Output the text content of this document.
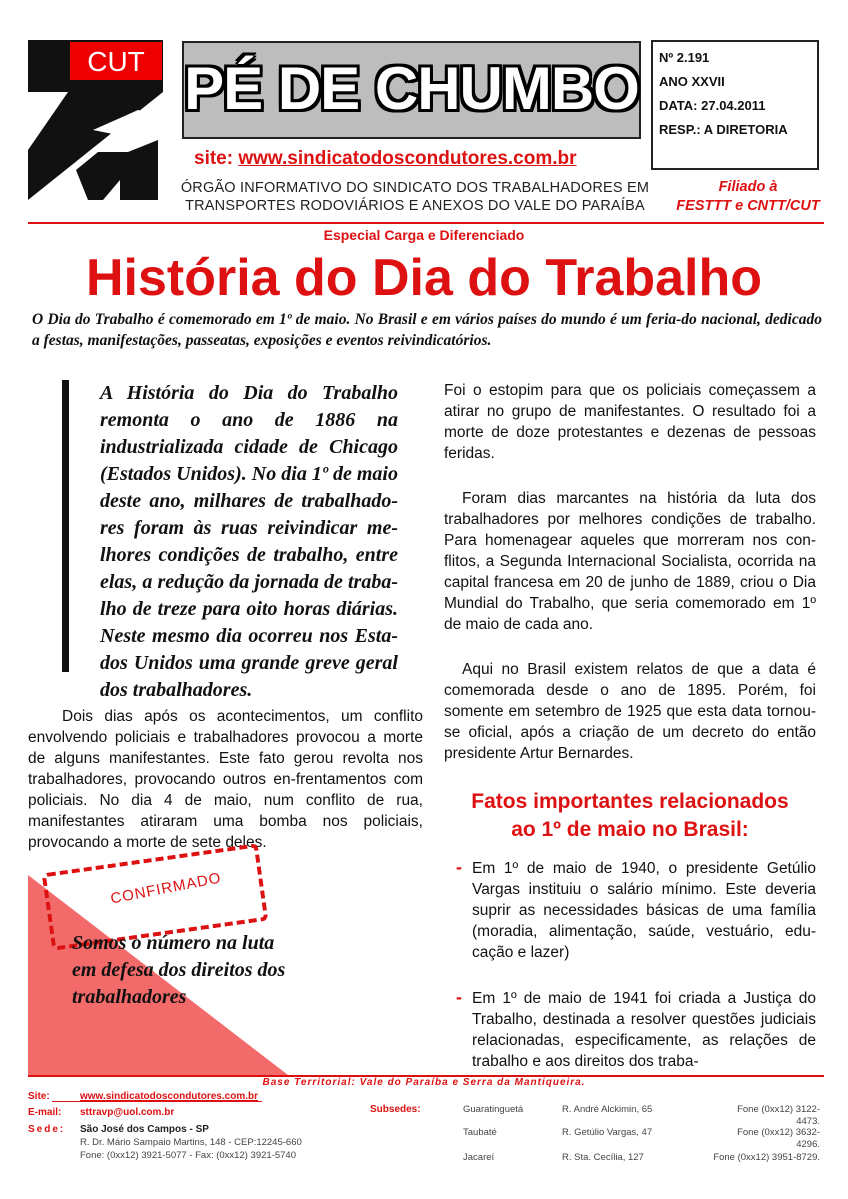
CUT PÉ DE CHUMBO
site: www.sindicatodoscondutores.com.br
Nº 2.191
ANO XXVII
DATA: 27.04.2011
RESP.: A DIRETORIA
ÓRGÃO INFORMATIVO DO SINDICATO DOS TRABALHADORES EM
TRANSPORTES RODOVIÁRIOS E ANEXOS DO VALE DO PARAÍBA
Filiado à
FESTTT e CNTT/CUT
Especial Carga e Diferenciado
História do Dia do Trabalho
O Dia do Trabalho é comemorado em 1º de maio. No Brasil e em vários países do mundo é um feria-do nacional, dedicado a festas, manifestações, passeatas, exposições e eventos reivindicatórios.
A História do Dia do Trabalho remonta o ano de 1886 na industrializada cidade de Chicago (Estados Unidos). No dia 1º de maio deste ano, milhares de trabalhado-res foram às ruas reivindicar me-lhores condições de trabalho, entre elas, a redução da jornada de traba-lho de treze para oito horas diárias. Neste mesmo dia ocorreu nos Esta-dos Unidos uma grande greve geral dos trabalhadores.
Dois dias após os acontecimentos, um conflito envolvendo policiais e trabalhadores provocou a morte de alguns manifestantes. Este fato gerou revolta nos trabalhadores, provocando outros en-frentamentos com policiais. No dia 4 de maio, num conflito de rua, manifestantes atiraram uma bomba nos policiais, provocando a morte de sete deles.
CONFIRMADO
Somos o número na luta em defesa dos direitos dos trabalhadores
Foi o estopim para que os policiais começassem a atirar no grupo de manifestantes. O resultado foi a morte de doze protestantes e dezenas de pessoas feridas.
Foram dias marcantes na história da luta dos trabalhadores por melhores condições de trabalho. Para homenagear aqueles que morreram nos con-flitos, a Segunda Internacional Socialista, ocorrida na capital francesa em 20 de junho de 1889, criou o Dia Mundial do Trabalho, que seria comemorado em 1º de maio de cada ano.
Aqui no Brasil existem relatos de que a data é comemorada desde o ano de 1895. Porém, foi somente em setembro de 1925 que esta data tornou-se oficial, após a criação de um decreto do então presidente Artur Bernardes.
Fatos importantes relacionados
ao 1º de maio no Brasil:
- Em 1º de maio de 1940, o presidente Getúlio Vargas instituiu o salário mínimo. Este deveria suprir as necessidades básicas de uma família (moradia, alimentação, saúde, vestuário, edu-cação e lazer)
- Em 1º de maio de 1941 foi criada a Justiça do Trabalho, destinada a resolver questões judiciais relacionadas, especificamente, as relações de trabalho e aos direitos dos traba-
Base Territorial: Vale do Paraíba e Serra da Mantiqueira.
Site:	www.sindicatodoscondutores.com.br
E-mail: sttravp@uol.com.br
Sede: São José dos Campos - SP
R. Dr. Mário Sampaio Martins, 148 - CEP:12245-660
Fone: (0xx12) 3921-5077 - Fax: (0xx12) 3921-5740
Subsedes:	Guaratinguetá	R. André Alckimin, 65	Fone (0xx12) 3122-
4473.
Taubaté	R. Getúlio Vargas, 47	Fone (0xx12) 3632-
4296.
Jacareí	R. Sta. Cecília, 127	Fone (0xx12) 3951-8729.
